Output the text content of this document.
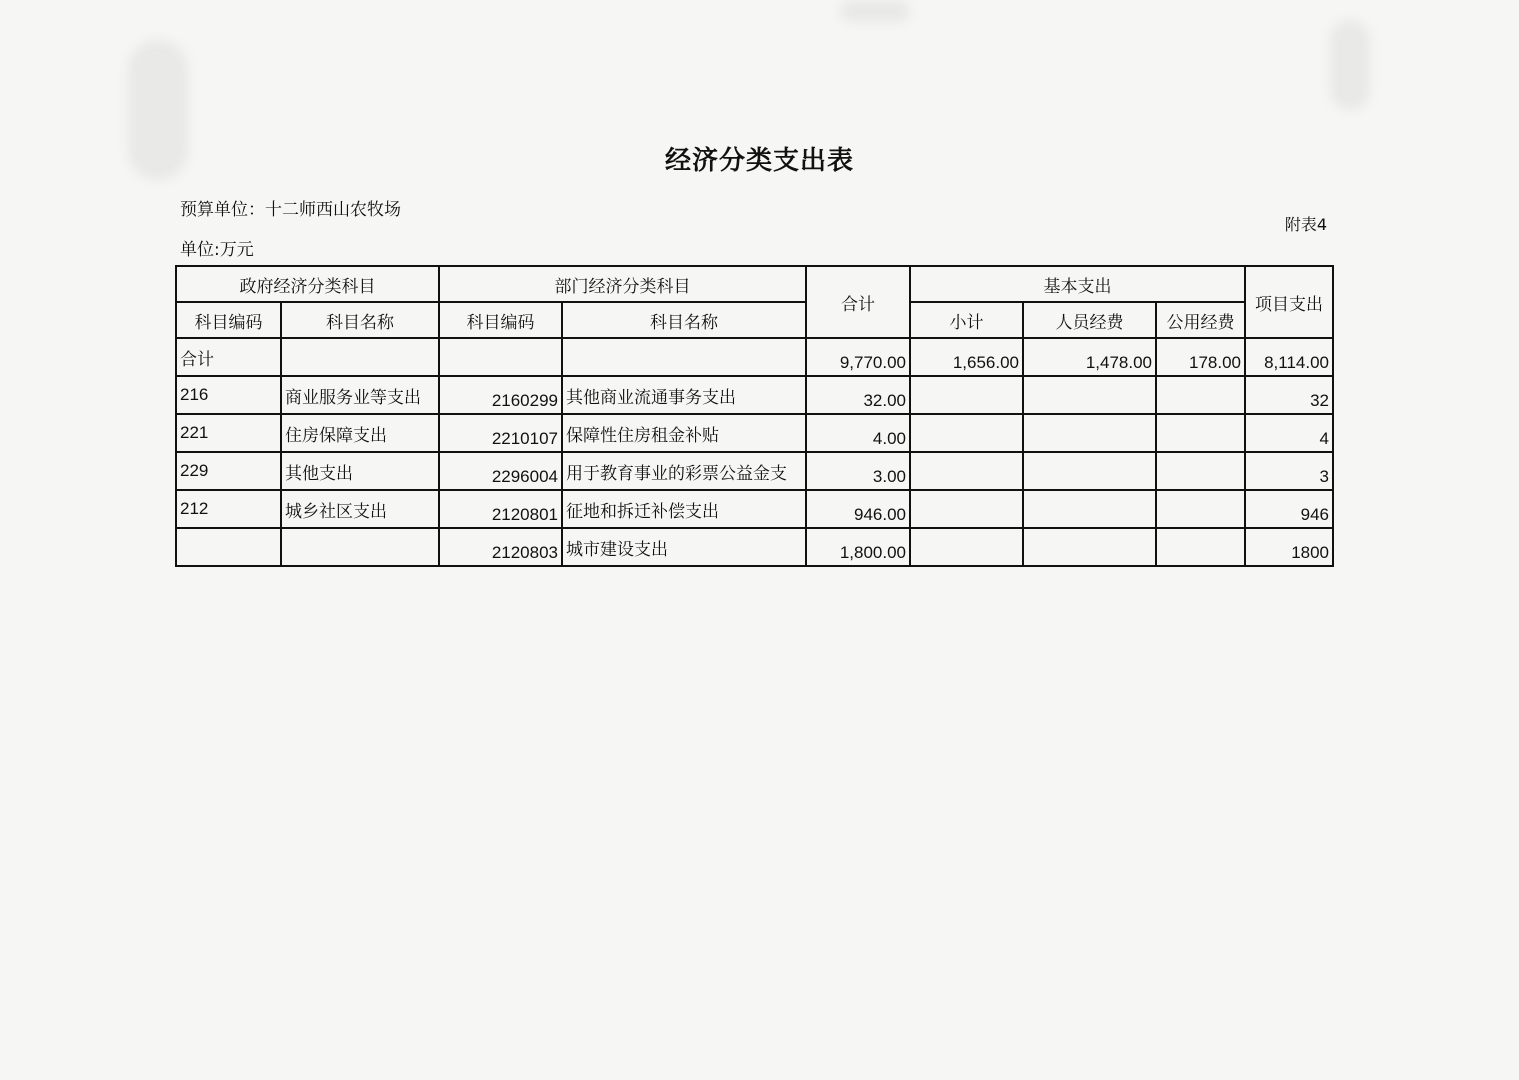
经济分类支出表
预算单位：十二师西山农牧场
单位:万元
附表4
政府经济分类科目		部门经济分类科目		合计	基本支出			项目支出
科目编码	科目名称	科目编码	科目名称		小计	人员经费	公用经费	
合计				9,770.00	1,656.00	1,478.00	178.00	8,114.00
216	商业服务业等支出	2160299	其他商业流通事务支出	32.00				32
221	住房保障支出	2210107	保障性住房租金补贴	4.00				4
229	其他支出	2296004	用于教育事业的彩票公益金支	3.00				3
212	城乡社区支出	2120801	征地和拆迁补偿支出	946.00				946
		2120803	城市建设支出	1,800.00				1800
